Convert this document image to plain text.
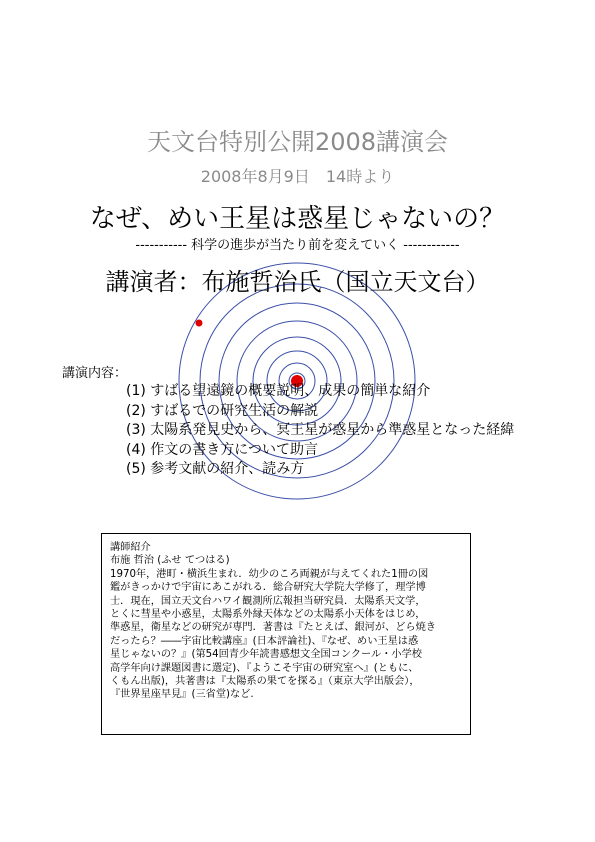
天文台特別公開2008講演会
2008年8月9日　14時より
なぜ、めい王星は惑星じゃないの？
----------- 科学の進歩が当たり前を変えていく ------------
講演者：布施哲治氏（国立天文台）
講演内容：
(1) すばる望遠鏡の概要説明、成果の簡単な紹介
(2) すばるでの研究生活の解説
(3) 太陽系発見史から、冥王星が惑星から準惑星となった経緯
(4) 作文の書き方について助言
(5) 参考文献の紹介、読み方
講師紹介
布施 哲治 (ふせ てつはる)
1970年，港町・横浜生まれ．幼少のころ両親が与えてくれた1冊の図
鑑がきっかけで宇宙にあこがれる．総合研究大学院大学修了，理学博
士．現在，国立天文台ハワイ観測所広報担当研究員．太陽系天文学，
とくに彗星や小惑星，太陽系外縁天体などの太陽系小天体をはじめ，
準惑星，衛星などの研究が専門．著書は『たとえば、銀河が、どら焼き
だったら？――宇宙比較講座』(日本評論社)、『なぜ、めい王星は惑
星じゃないの？』(第54回青少年読書感想文全国コンクール・小学校
高学年向け課題図書に選定)、『ようこそ宇宙の研究室へ』(ともに、
くもん出版)，共著書は『太陽系の果てを探る』（東京大学出版会），
『世界星座早見』(三省堂)など.
